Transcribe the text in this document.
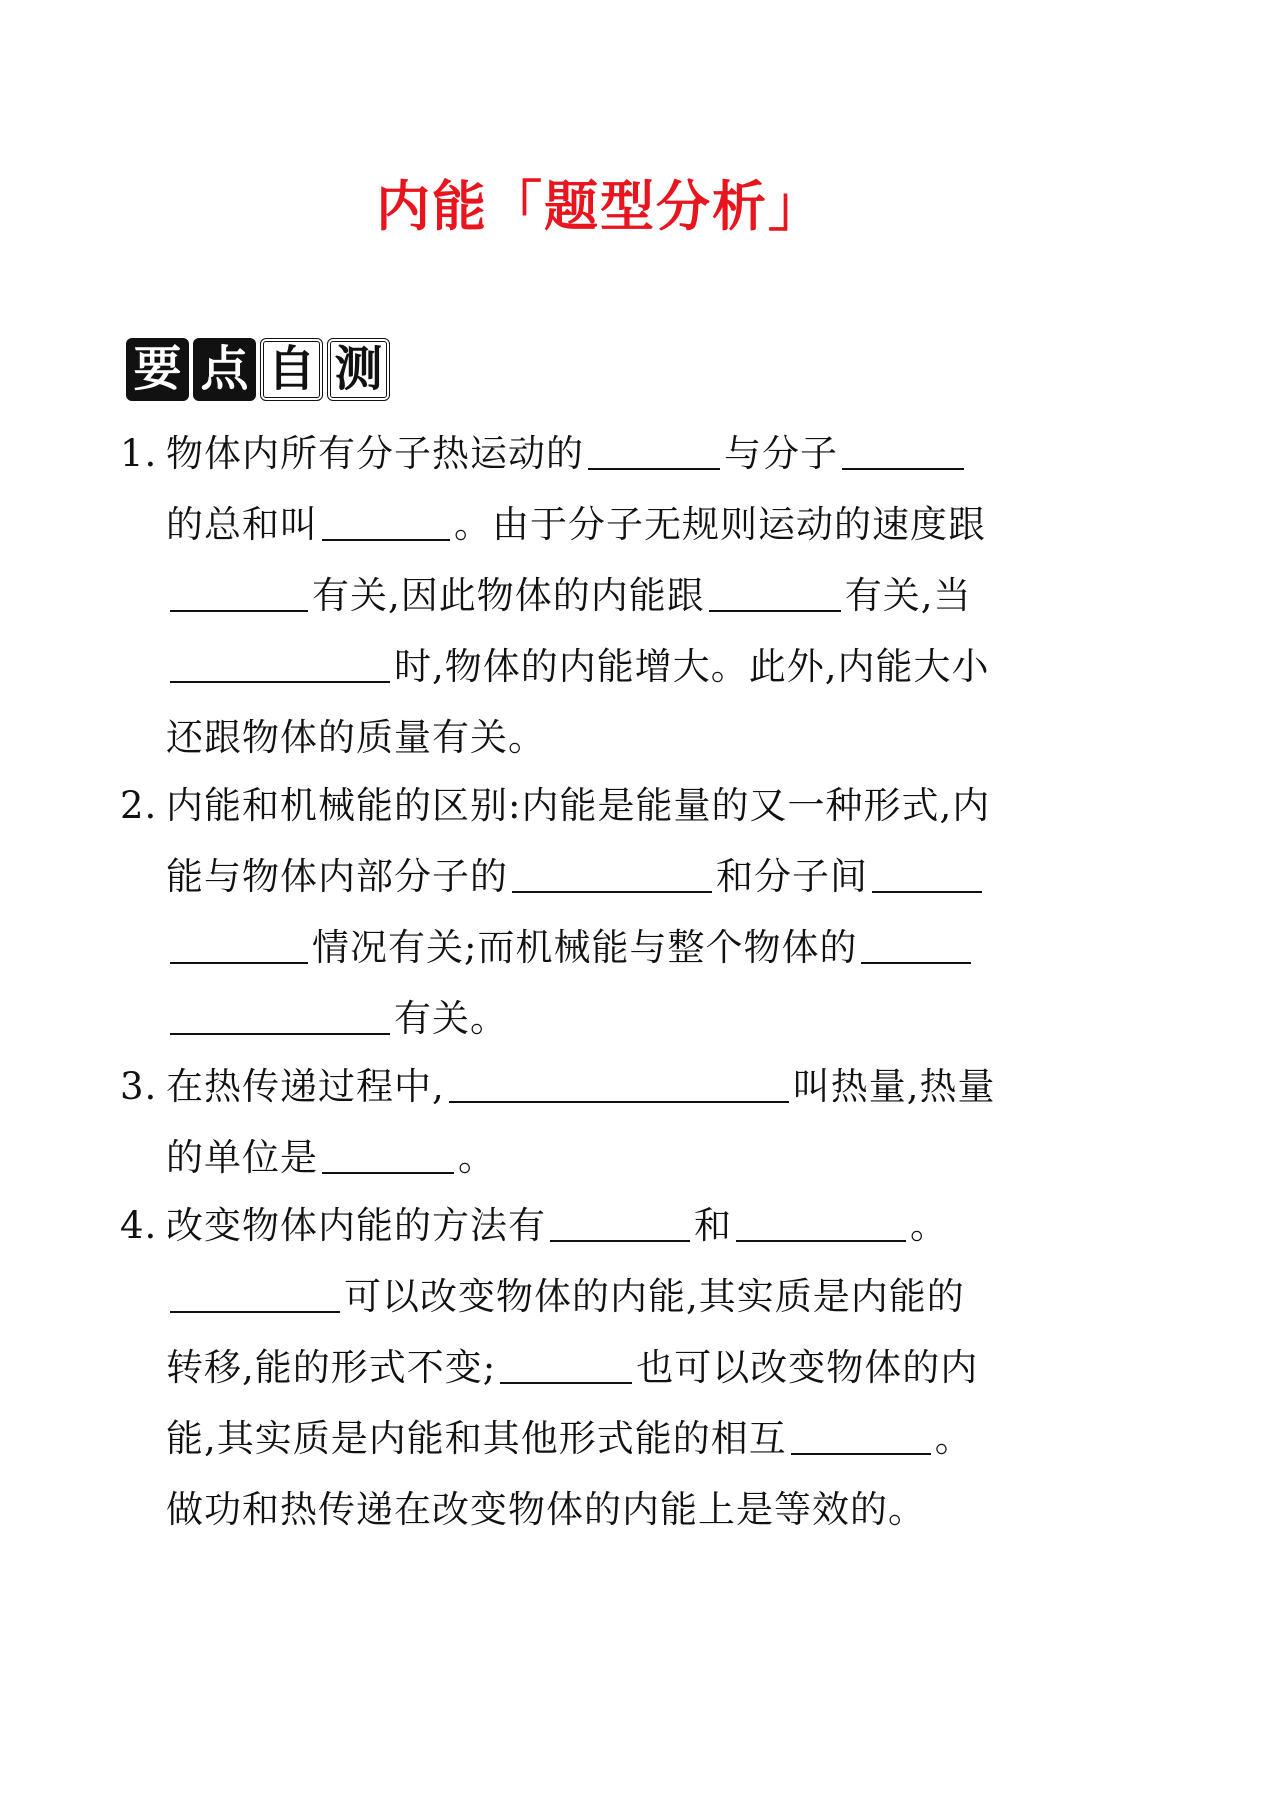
内能「题型分析」
要 点 自 测
1. 物体内所有分子热运动的	与分子
的总和叫	。由于分子无规则运动的速度跟
有关,因此物体的内能跟	有关,当
时,物体的内能增大。此外,内能大小
还跟物体的质量有关。
2. 内能和机械能的区别:内能是能量的又一种形式,内
能与物体内部分子的	和分子间
情况有关;而机械能与整个物体的
有关。
3. 在热传递过程中,	叫热量,热量
的单位是	。
4. 改变物体内能的方法有	和	。
可以改变物体的内能,其实质是内能的
转移,能的形式不变;	也可以改变物体的内
能,其实质是内能和其他形式能的相互	。
做功和热传递在改变物体的内能上是等效的。
